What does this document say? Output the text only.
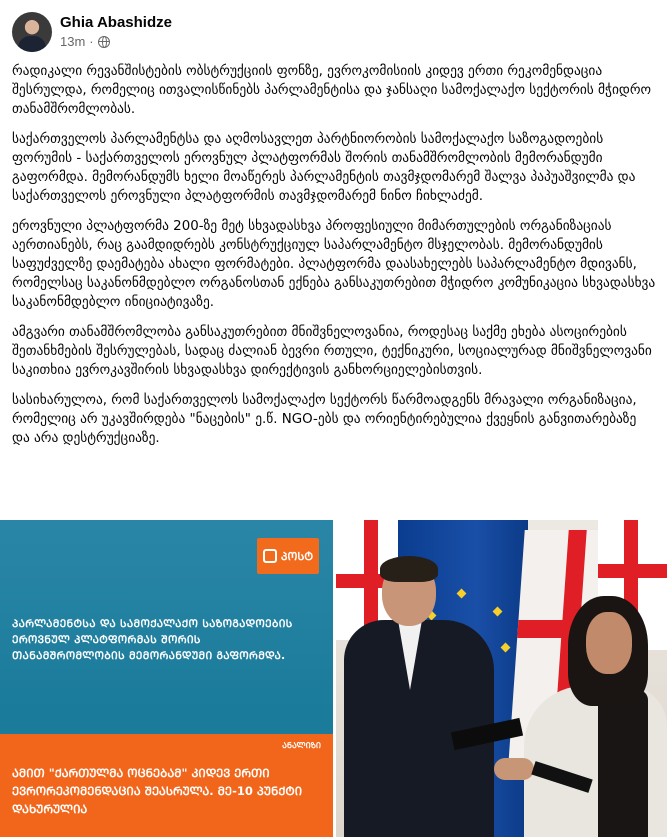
Ghia Abashidze
13m ·

რადიკალი რევანშისტების ობსტრუქციის ფონზე, ევროკომისიის კიდევ ერთი რეკომენდაცია შესრულდა, რომელიც ითვალისწინებს პარლამენტისა და ჯანსაღი სამოქალაქო სექტორის მჭიდრო თანამშრომლობას.

საქართველოს პარლამენტსა და აღმოსავლეთ პარტნიორობის სამოქალაქო საზოგადოების ფორუმის - საქართველოს ეროვნულ პლატფორმას შორის თანამშრომლობის მემორანდუმი გაფორმდა. მემორანდუმს ხელი მოაწერეს პარლამენტის თავმჯდომარემ შალვა პაპუაშვილმა და საქართველოს ეროვნული პლატფორმის თავმჯდომარემ ნინო ჩიხლაძემ.

ეროვნული პლატფორმა 200-ზე მეტ სხვადასხვა პროფესიული მიმართულების ორგანიზაციას აერთიანებს, რაც გაამდიდრებს კონსტრუქციულ საპარლამენტო მსჯელობას. მემორანდუმის საფუძველზე დაემატება ახალი ფორმატები. პლატფორმა დაასახელებს საპარლამენტო მდივანს, რომელსაც საკანონმდებლო ორგანოსთან ექნება განსაკუთრებით მჭიდრო კომუნიკაცია სხვადასხვა საკანონმდებლო ინიციატივაზე.

ამგვარი თანამშრომლობა განსაკუთრებით მნიშვნელოვანია, როდესაც საქმე ეხება ასოცირების შეთანხმების შესრულებას, სადაც ძალიან ბევრი რთული, ტექნიკური, სოციალურად მნიშვნელოვანი საკითხია ევროკავშირის სხვადასხვა დირექტივის განხორციელებისთვის.

სასიხარულოა, რომ საქართველოს სამოქალაქო სექტორს წარმოადგენს მრავალი ორგანიზაცია, რომელიც არ უკავშირდება "ნაცების" ე.წ. NGO-ებს და ორიენტირებულია ქვეყნის განვითარებაზე და არა დესტრუქციაზე.

ᲞᲝᲡᲢ
ᲞᲐᲠᲚᲐᲛᲔᲜᲢᲡᲐ ᲓᲐ ᲡᲐᲛᲝᲥᲐᲚᲐᲥᲝ ᲡᲐᲖᲝᲒᲐᲓᲝᲔᲑᲘᲡ ᲔᲠᲝᲕᲜᲣᲚ ᲞᲚᲐᲢᲤᲝᲠᲛᲐᲡ ᲨᲝᲠᲘᲡ ᲗᲐᲜᲐᲛᲨᲠᲝᲛᲚᲝᲑᲘᲡ ᲛᲔᲛᲝᲠᲐᲜᲓᲣᲛᲘ ᲒᲐᲤᲝᲠᲛᲓᲐ.
ᲐᲜᲐᲚᲘᲖᲘ
ᲐᲛᲘᲗ "ᲥᲐᲠᲗᲣᲚᲛᲐ ᲝᲪᲜᲔᲑᲐᲛ" ᲙᲘᲓᲔᲕ ᲔᲠᲗᲘ ᲔᲕᲠᲝᲠᲔᲙᲝᲛᲔᲜᲓᲐᲪᲘᲐ ᲨᲔᲐᲡᲠᲣᲚᲐ. ᲛᲔ-10 ᲞᲣᲜᲥᲢᲘ ᲓᲐᲮᲣᲠᲣᲚᲘᲐ
